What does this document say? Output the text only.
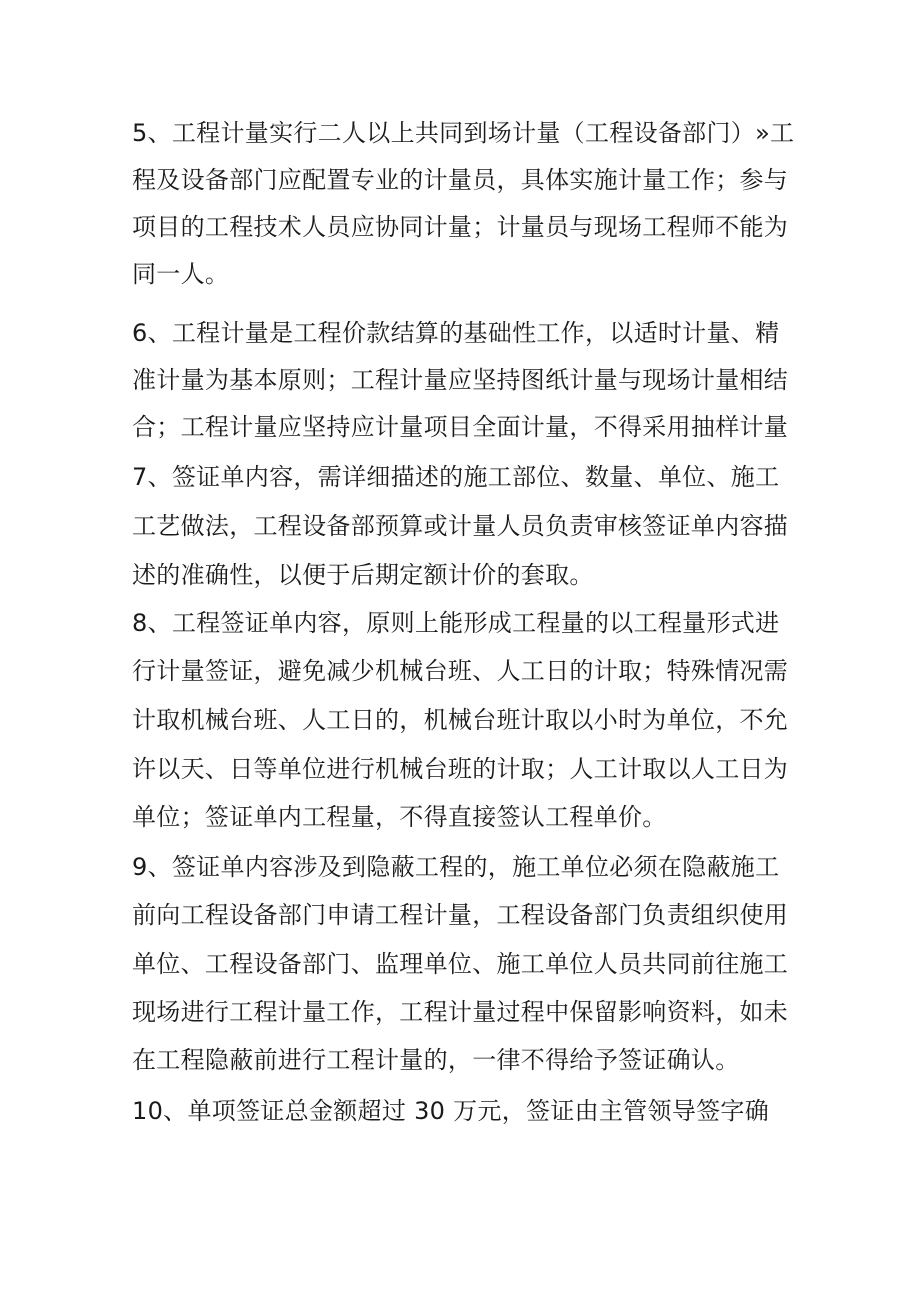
5、工程计量实行二人以上共同到场计量（工程设备部门）»工
程及设备部门应配置专业的计量员，具体实施计量工作；参与
项目的工程技术人员应协同计量；计量员与现场工程师不能为
同一人。
6、工程计量是工程价款结算的基础性工作，以适时计量、精
准计量为基本原则；工程计量应坚持图纸计量与现场计量相结
合；工程计量应坚持应计量项目全面计量，不得采用抽样计量
7、签证单内容，需详细描述的施工部位、数量、单位、施工
工艺做法，工程设备部预算或计量人员负责审核签证单内容描
述的准确性，以便于后期定额计价的套取。
8、工程签证单内容，原则上能形成工程量的以工程量形式进
行计量签证，避免减少机械台班、人工日的计取；特殊情况需
计取机械台班、人工日的，机械台班计取以小时为单位，不允
许以天、日等单位进行机械台班的计取；人工计取以人工日为
单位；签证单内工程量，不得直接签认工程单价。
9、签证单内容涉及到隐蔽工程的，施工单位必须在隐蔽施工
前向工程设备部门申请工程计量，工程设备部门负责组织使用
单位、工程设备部门、监理单位、施工单位人员共同前往施工
现场进行工程计量工作，工程计量过程中保留影响资料，如未
在工程隐蔽前进行工程计量的，一律不得给予签证确认。
10、单项签证总金额超过 30 万元，签证由主管领导签字确
